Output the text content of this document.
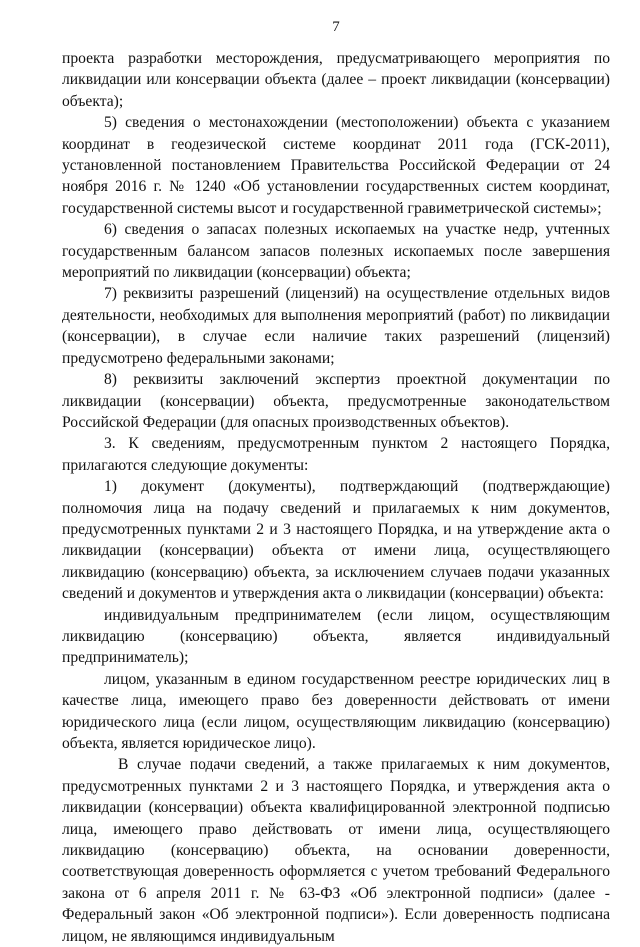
7

проекта разработки месторождения, предусматривающего мероприятия по ликвидации или консервации объекта (далее – проект ликвидации (консервации) объекта);

5) сведения о местонахождении (местоположении) объекта с указанием координат в геодезической системе координат 2011 года (ГСК-2011), установленной постановлением Правительства Российской Федерации от 24 ноября 2016 г. № 1240 «Об установлении государственных систем координат, государственной системы высот и государственной гравиметрической системы»;

6) сведения о запасах полезных ископаемых на участке недр, учтенных государственным балансом запасов полезных ископаемых после завершения мероприятий по ликвидации (консервации) объекта;

7) реквизиты разрешений (лицензий) на осуществление отдельных видов деятельности, необходимых для выполнения мероприятий (работ) по ликвидации (консервации), в случае если наличие таких разрешений (лицензий) предусмотрено федеральными законами;

8) реквизиты заключений экспертиз проектной документации по ликвидации (консервации) объекта, предусмотренные законодательством Российской Федерации (для опасных производственных объектов).

3. К сведениям, предусмотренным пунктом 2 настоящего Порядка, прилагаются следующие документы:

1) документ (документы), подтверждающий (подтверждающие) полномочия лица на подачу сведений и прилагаемых к ним документов, предусмотренных пунктами 2 и 3 настоящего Порядка, и на утверждение акта о ликвидации (консервации) объекта от имени лица, осуществляющего ликвидацию (консервацию) объекта, за исключением случаев подачи указанных сведений и документов и утверждения акта о ликвидации (консервации) объекта:

индивидуальным предпринимателем (если лицом, осуществляющим ликвидацию (консервацию) объекта, является индивидуальный предприниматель);

лицом, указанным в едином государственном реестре юридических лиц в качестве лица, имеющего право без доверенности действовать от имени юридического лица (если лицом, осуществляющим ликвидацию (консервацию) объекта, является юридическое лицо).

В случае подачи сведений, а также прилагаемых к ним документов, предусмотренных пунктами 2 и 3 настоящего Порядка, и утверждения акта о ликвидации (консервации) объекта квалифицированной электронной подписью лица, имеющего право действовать от имени лица, осуществляющего ликвидацию (консервацию) объекта, на основании доверенности, соответствующая доверенность оформляется с учетом требований Федерального закона от 6 апреля 2011 г. № 63-ФЗ «Об электронной подписи» (далее - Федеральный закон «Об электронной подписи»). Если доверенность подписана лицом, не являющимся индивидуальным
